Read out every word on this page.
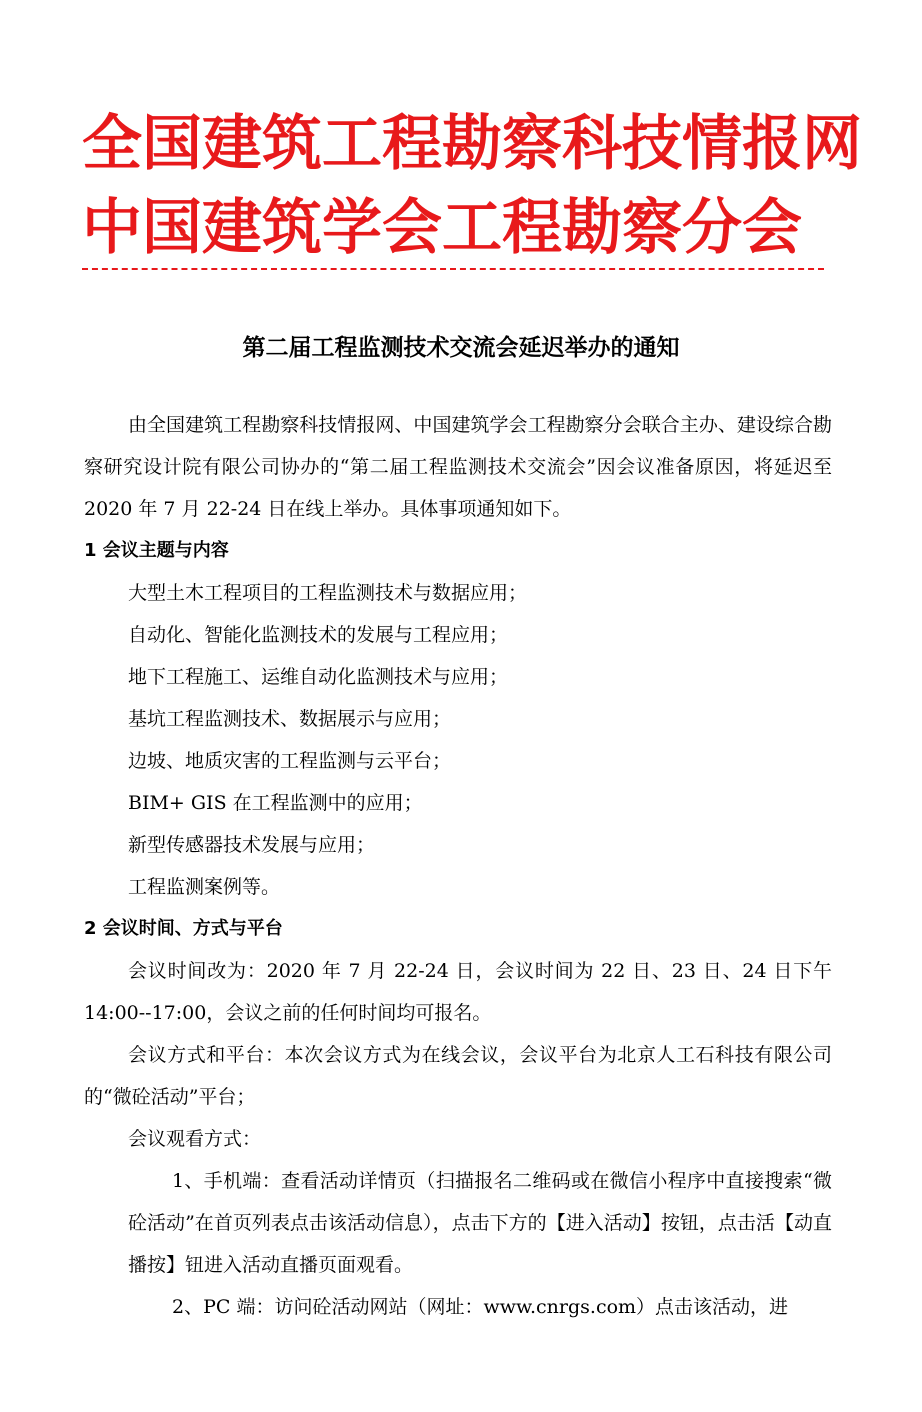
全国建筑工程勘察科技情报网
中国建筑学会工程勘察分会
第二届工程监测技术交流会延迟举办的通知

由全国建筑工程勘察科技情报网、中国建筑学会工程勘察分会联合主办、建设综合勘察研究设计院有限公司协办的“第二届工程监测技术交流会”因会议准备原因，将延迟至 2020 年 7 月 22-24 日在线上举办。具体事项通知如下。

1 会议主题与内容

大型土木工程项目的工程监测技术与数据应用；

自动化、智能化监测技术的发展与工程应用；

地下工程施工、运维自动化监测技术与应用；

基坑工程监测技术、数据展示与应用；

边坡、地质灾害的工程监测与云平台；

BIM+ GIS 在工程监测中的应用；

新型传感器技术发展与应用；

工程监测案例等。

2 会议时间、方式与平台

会议时间改为：2020 年 7 月 22-24 日，会议时间为 22 日、23 日、24 日下午 14:00--17:00，会议之前的任何时间均可报名。

会议方式和平台：本次会议方式为在线会议，会议平台为北京人工石科技有限公司的“微砼活动”平台；

会议观看方式：

1、手机端：查看活动详情页（扫描报名二维码或在微信小程序中直接搜索“微砼活动”在首页列表点击该活动信息），点击下方的【进入活动】按钮，点击活【动直播按】钮进入活动直播页面观看。

2、PC 端：访问砼活动网站（网址：www.cnrgs.com）点击该活动，进
